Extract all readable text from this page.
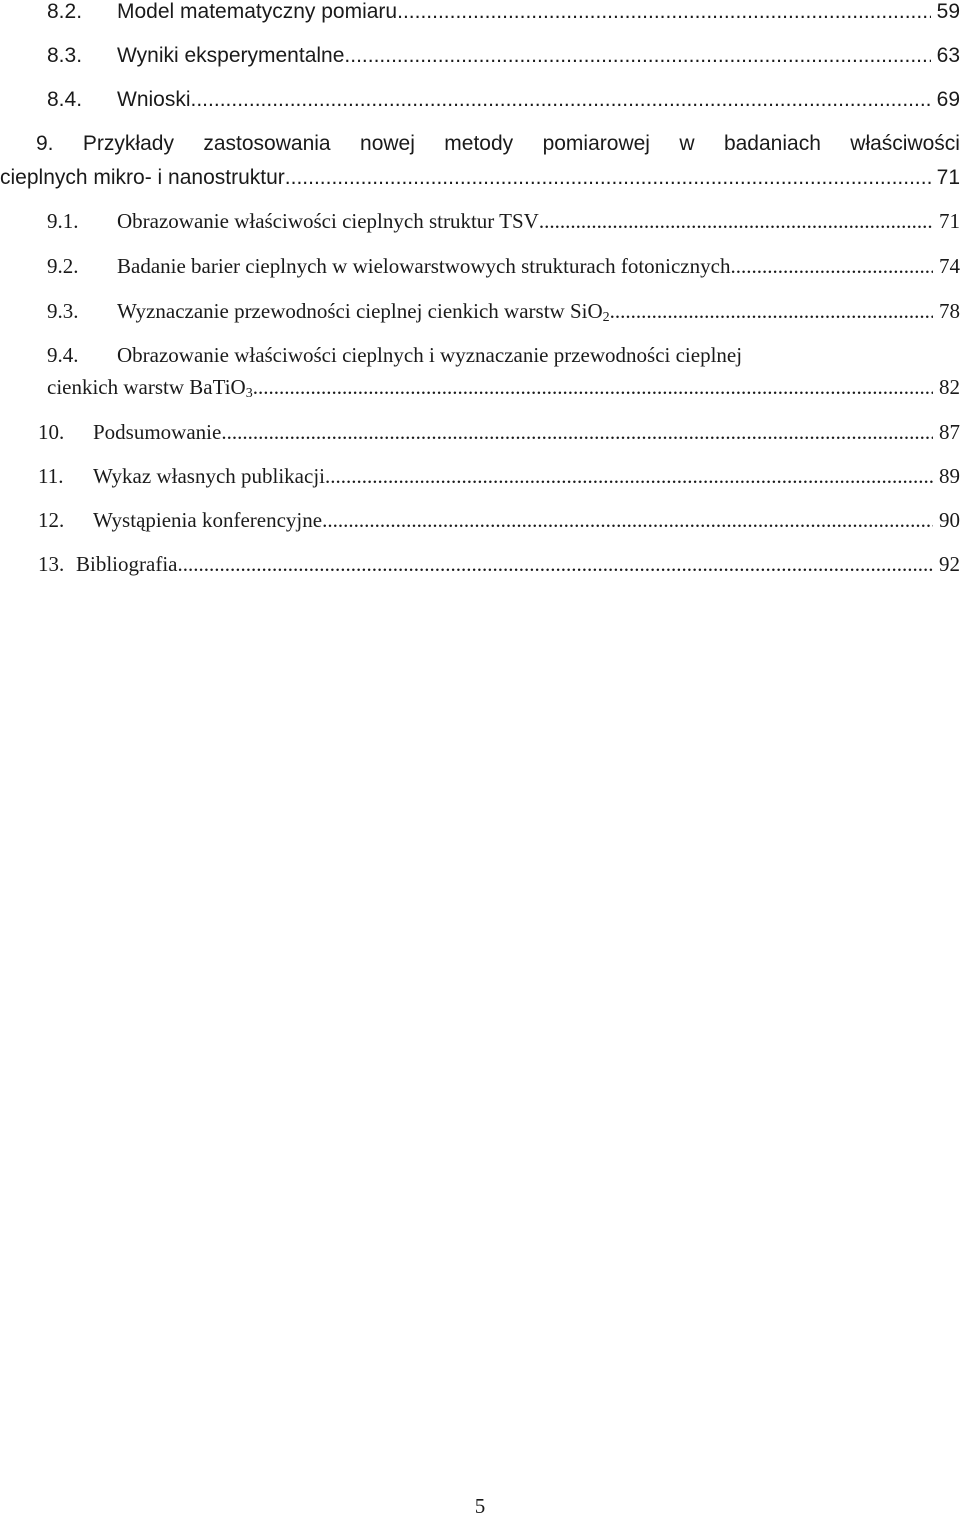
8.2.	Model matematyczny pomiaru .....	59
8.3.	Wyniki eksperymentalne .....	63
8.4.	Wnioski .....	69
9. Przykłady zastosowania nowej metody pomiarowej w badaniach właściwości
cieplnych mikro- i nanostruktur .....	71
9.1.	Obrazowanie właściwości cieplnych struktur TSV .....	71
9.2.	Badanie barier cieplnych w wielowarstwowych strukturach fotonicznych .....	74
9.3.	Wyznaczanie przewodności cieplnej cienkich warstw SiO$_2$ .....	78
9.4.	Obrazowanie właściwości cieplnych i wyznaczanie przewodności cieplnej
cienkich warstw BaTiO$_3$ .....	82
10.	Podsumowanie .....	87
11.	Wykaz własnych publikacji .....	89
12.	Wystąpienia konferencyjne .....	90
13. Bibliografia .....	92
5
